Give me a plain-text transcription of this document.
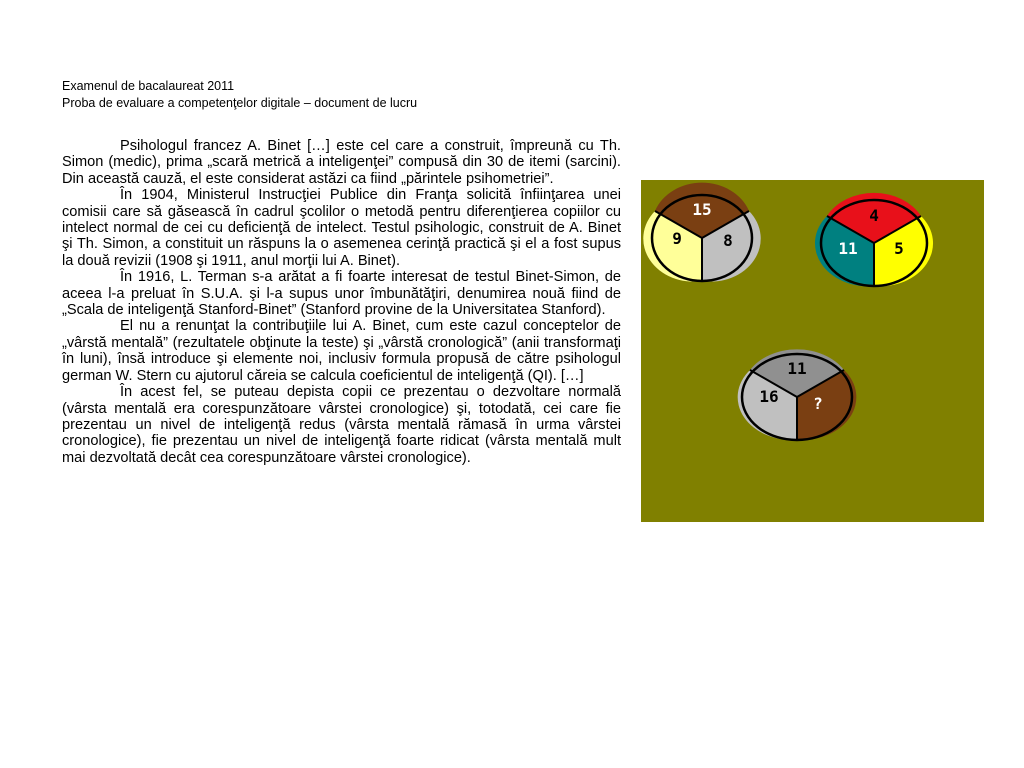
Examenul de bacalaureat 2011
Proba de evaluare a competenţelor digitale – document de lucru

Psihologul francez A. Binet […] este cel care a construit, împreună cu Th. Simon (medic), prima „scară metrică a inteligenţei” compusă din 30 de itemi (sarcini). Din această cauză, el este considerat astăzi ca fiind „părintele psihometriei”.

În 1904, Ministerul Instrucţiei Publice din Franţa solicită înfiinţarea unei comisii care să găsească în cadrul şcolilor o metodă pentru diferenţierea copiilor cu intelect normal de cei cu deficienţă de intelect. Testul psihologic, construit de A. Binet şi Th. Simon, a constituit un răspuns la o asemenea cerinţă practică şi el a fost supus la două revizii (1908 şi 1911, anul morţii lui A. Binet).

În 1916, L. Terman s-a arătat a fi foarte interesat de testul Binet-Simon, de aceea l-a preluat în S.U.A. şi l-a supus unor îmbunătăţiri, denumirea nouă fiind de „Scala de inteligenţă Stanford-Binet” (Stanford provine de la Universitatea Stanford).

El nu a renunţat la contribuţiile lui A. Binet, cum este cazul conceptelor de „vârstă mentală” (rezultatele obţinute la teste) şi „vârstă cronologică” (anii transformaţi în luni), însă introduce şi elemente noi, inclusiv formula propusă de către psihologul german W. Stern cu ajutorul căreia se calcula coeficientul de inteligenţă (QI). […]

În acest fel, se puteau depista copii ce prezentau o dezvoltare normală (vârsta mentală era corespunzătoare vârstei cronologice) şi, totodată, cei care fie prezentau un nivel de inteligenţă redus (vârsta mentală rămasă în urma vârstei cronologice), fie prezentau un nivel de inteligenţă foarte ridicat (vârsta mentală mult mai dezvoltată decât cea corespunzătoare vârstei cronologice).

15
9	8
4
11 5
11
16 ?
